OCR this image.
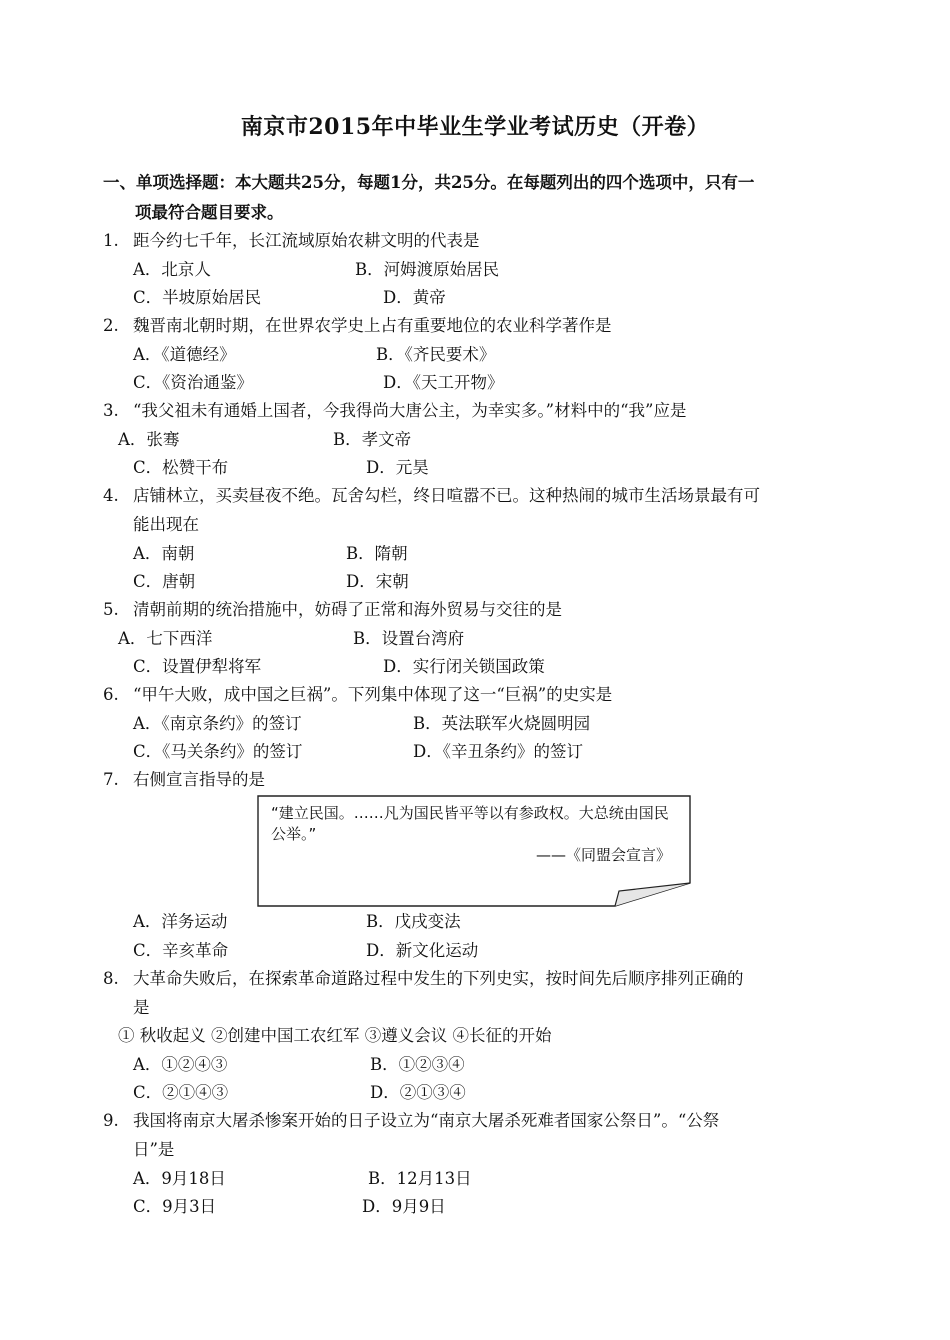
南京市2015年中毕业生学业考试历史（开卷）
一、单项选择题：本大题共25分，每题1分，共25分。在每题列出的四个选项中，只有一
项最符合题目要求。
1. 距今约七千年，长江流域原始农耕文明的代表是
A．北京人	B．河姆渡原始居民
C．半坡原始居民	D．黄帝
2. 魏晋南北朝时期，在世界农学史上占有重要地位的农业科学著作是
A．《道德经》	B．《齐民要术》
C．《资治通鉴》	D．《天工开物》
3. “我父祖未有通婚上国者，今我得尚大唐公主，为幸实多。”材料中的“我”应是
A．张骞	B．孝文帝
C．松赞干布	D．元昊
4. 店铺林立，买卖昼夜不绝。瓦舍勾栏，终日喧嚣不已。这种热闹的城市生活场景最有可
能出现在
A．南朝	B．隋朝
C．唐朝	D．宋朝
5. 清朝前期的统治措施中，妨碍了正常和海外贸易与交往的是
A．七下西洋	B．设置台湾府
C．设置伊犁将军	D．实行闭关锁国政策
6. “甲午大败，成中国之巨祸”。下列集中体现了这一“巨祸”的史实是
A．《南京条约》的签订	B．英法联军火烧圆明园
C．《马关条约》的签订	D．《辛丑条约》的签订
7. 右侧宣言指导的是
A．洋务运动	B．戊戌变法
C．辛亥革命	D．新文化运动
“建立民国。……凡为国民皆平等以有参政权。大总统由国民公举。”
——《同盟会宣言》
8. 大革命失败后，在探索革命道路过程中发生的下列史实，按时间先后顺序排列正确的
是
① 秋收起义 ②创建中国工农红军 ③遵义会议 ④长征的开始
A．①②④③	B．①②③④
C．②①④③	D．②①③④
9. 我国将南京大屠杀惨案开始的日子设立为“南京大屠杀死难者国家公祭日”。“公祭
日”是
A．9月18日	B．12月13日
C．9月3日	D．9月9日
